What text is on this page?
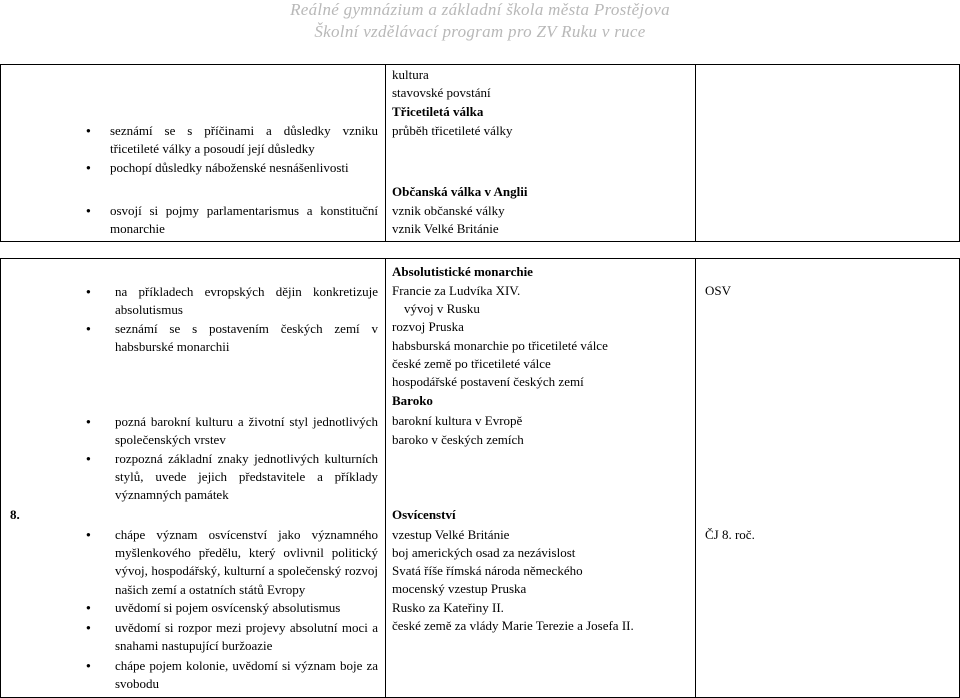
Reálné gymnázium a základní škola města Prostějova
Školní vzdělávací program pro ZV Ruku v ruce
● seznámí se s příčinami a důsledky vzniku třicetileté války a posoudí její důsledky
● pochopí důsledky náboženské nesnášenlivosti
● osvojí si pojmy parlamentarismus a konstituční monarchie
kultura
stavovské povstání
Třicetiletá válka
průběh třicetileté války
Občanská válka v Anglii
vznik občanské války
vznik Velké Británie
● na příkladech evropských dějin konkretizuje absolutismus
● seznámí se s postavením českých zemí v habsburské monarchii
● pozná barokní kulturu a životní styl jednotlivých společenských vrstev
● rozpozná základní znaky jednotlivých kulturních stylů, uvede jejich představitele a příklady významných památek
8.
● chápe význam osvícenství jako významného myšlenkového předělu, který ovlivnil politický vývoj, hospodářský, kulturní a společenský rozvoj našich zemí a ostatních států Evropy
● uvědomí si pojem osvícenský absolutismus
● uvědomí si rozpor mezi projevy absolutní moci a snahami nastupující buržoazie
● chápe pojem kolonie, uvědomí si význam boje za svobodu
Absolutistické monarchie
Francie za Ludvíka XIV.
vývoj v Rusku
rozvoj Pruska
habsburská monarchie po třicetileté válce
české země po třicetileté válce
hospodářské postavení českých zemí
Baroko
barokní kultura v Evropě
baroko v českých zemích
Osvícenství
vzestup Velké Británie
boj amerických osad za nezávislost
Svatá říše římská národa německého
mocenský vzestup Pruska
Rusko za Kateřiny II.
české země za vlády Marie Terezie a Josefa II.
OSV
ČJ 8. roč.
